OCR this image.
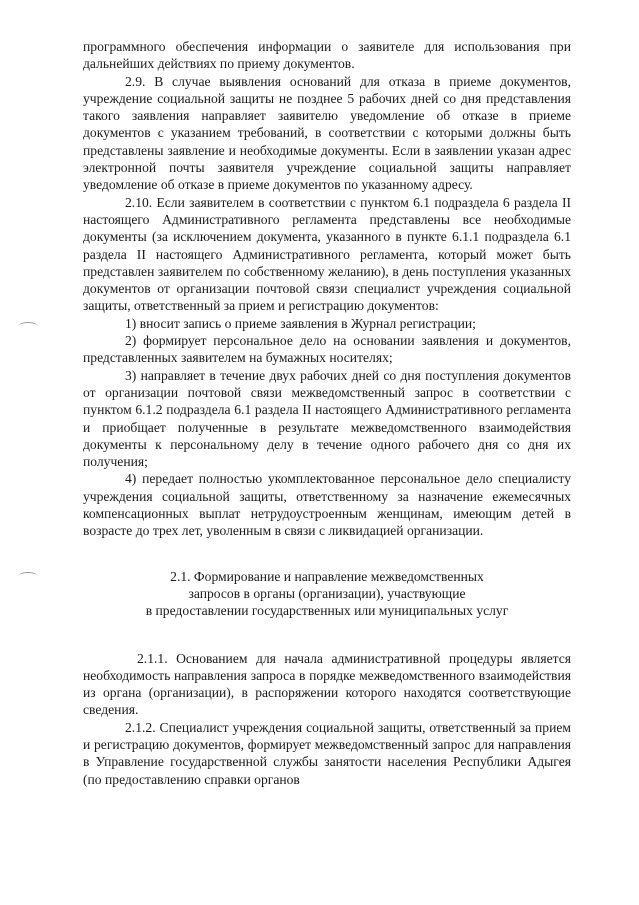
программного обеспечения информации о заявителе для использования при дальнейших действиях по приему документов.

2.9. В случае выявления оснований для отказа в приеме документов, учреждение социальной защиты не позднее 5 рабочих дней со дня представления такого заявления направляет заявителю уведомление об отказе в приеме документов с указанием требований, в соответствии с которыми должны быть представлены заявление и необходимые документы. Если в заявлении указан адрес электронной почты заявителя учреждение социальной защиты направляет уведомление об отказе в приеме документов по указанному адресу.

2.10. Если заявителем в соответствии с пунктом 6.1 подраздела 6 раздела II настоящего Административного регламента представлены все необходимые документы (за исключением документа, указанного в пункте 6.1.1 подраздела 6.1 раздела II настоящего Административного регламента, который может быть представлен заявителем по собственному желанию), в день поступления указанных документов от организации почтовой связи специалист учреждения социальной защиты, ответственный за прием и регистрацию документов:

1) вносит запись о приеме заявления в Журнал регистрации;

2) формирует персональное дело на основании заявления и документов, представленных заявителем на бумажных носителях;

3) направляет в течение двух рабочих дней со дня поступления документов от организации почтовой связи межведомственный запрос в соответствии с пунктом 6.1.2 подраздела 6.1 раздела II настоящего Административного регламента и приобщает полученные в результате межведомственного взаимодействия документы к персональному делу в течение одного рабочего дня со дня их получения;

4) передает полностью укомплектованное персональное дело специалисту учреждения социальной защиты, ответственному за назначение ежемесячных компенсационных выплат нетрудоустроенным женщинам, имеющим детей в возрасте до трех лет, уволенным в связи с ликвидацией организации.

2.1. Формирование и направление межведомственных
запросов в органы (организации), участвующие
в предоставлении государственных или муниципальных услуг

2.1.1. Основанием для начала административной процедуры является необходимость направления запроса в порядке межведомственного взаимодействия из органа (организации), в распоряжении которого находятся соответствующие сведения.

2.1.2. Специалист учреждения социальной защиты, ответственный за прием и регистрацию документов, формирует межведомственный запрос для направления в Управление государственной службы занятости населения Республики Адыгея (по предоставлению справки органов
